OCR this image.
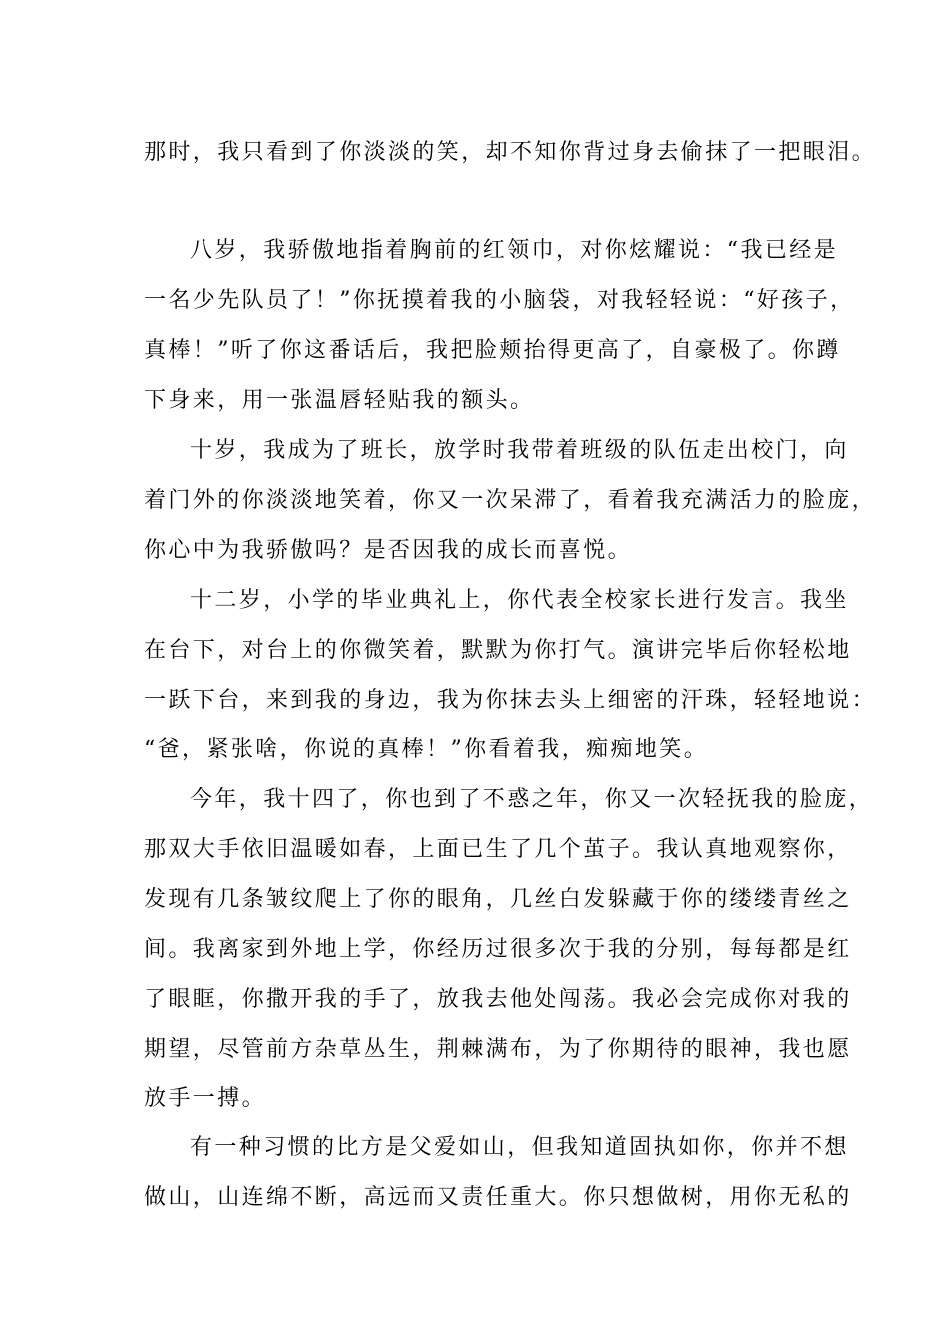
那时，我只看到了你淡淡的笑，却不知你背过身去偷抹了一把眼泪。
八岁，我骄傲地指着胸前的红领巾，对你炫耀说：“我已经是
一名少先队员了！”你抚摸着我的小脑袋，对我轻轻说：“好孩子，
真棒！”听了你这番话后，我把脸颊抬得更高了，自豪极了。你蹲
下身来，用一张温唇轻贴我的额头。
十岁，我成为了班长，放学时我带着班级的队伍走出校门，向
着门外的你淡淡地笑着，你又一次呆滞了，看着我充满活力的脸庞，
你心中为我骄傲吗？是否因我的成长而喜悦。
十二岁，小学的毕业典礼上，你代表全校家长进行发言。我坐
在台下，对台上的你微笑着，默默为你打气。演讲完毕后你轻松地
一跃下台，来到我的身边，我为你抹去头上细密的汗珠，轻轻地说：
“爸，紧张啥，你说的真棒！”你看着我，痴痴地笑。
今年，我十四了，你也到了不惑之年，你又一次轻抚我的脸庞，
那双大手依旧温暖如春，上面已生了几个茧子。我认真地观察你，
发现有几条皱纹爬上了你的眼角，几丝白发躲藏于你的缕缕青丝之
间。我离家到外地上学，你经历过很多次于我的分别，每每都是红
了眼眶，你撒开我的手了，放我去他处闯荡。我必会完成你对我的
期望，尽管前方杂草丛生，荆棘满布，为了你期待的眼神，我也愿
放手一搏。
有一种习惯的比方是父爱如山，但我知道固执如你，你并不想
做山，山连绵不断，高远而又责任重大。你只想做树，用你无私的
